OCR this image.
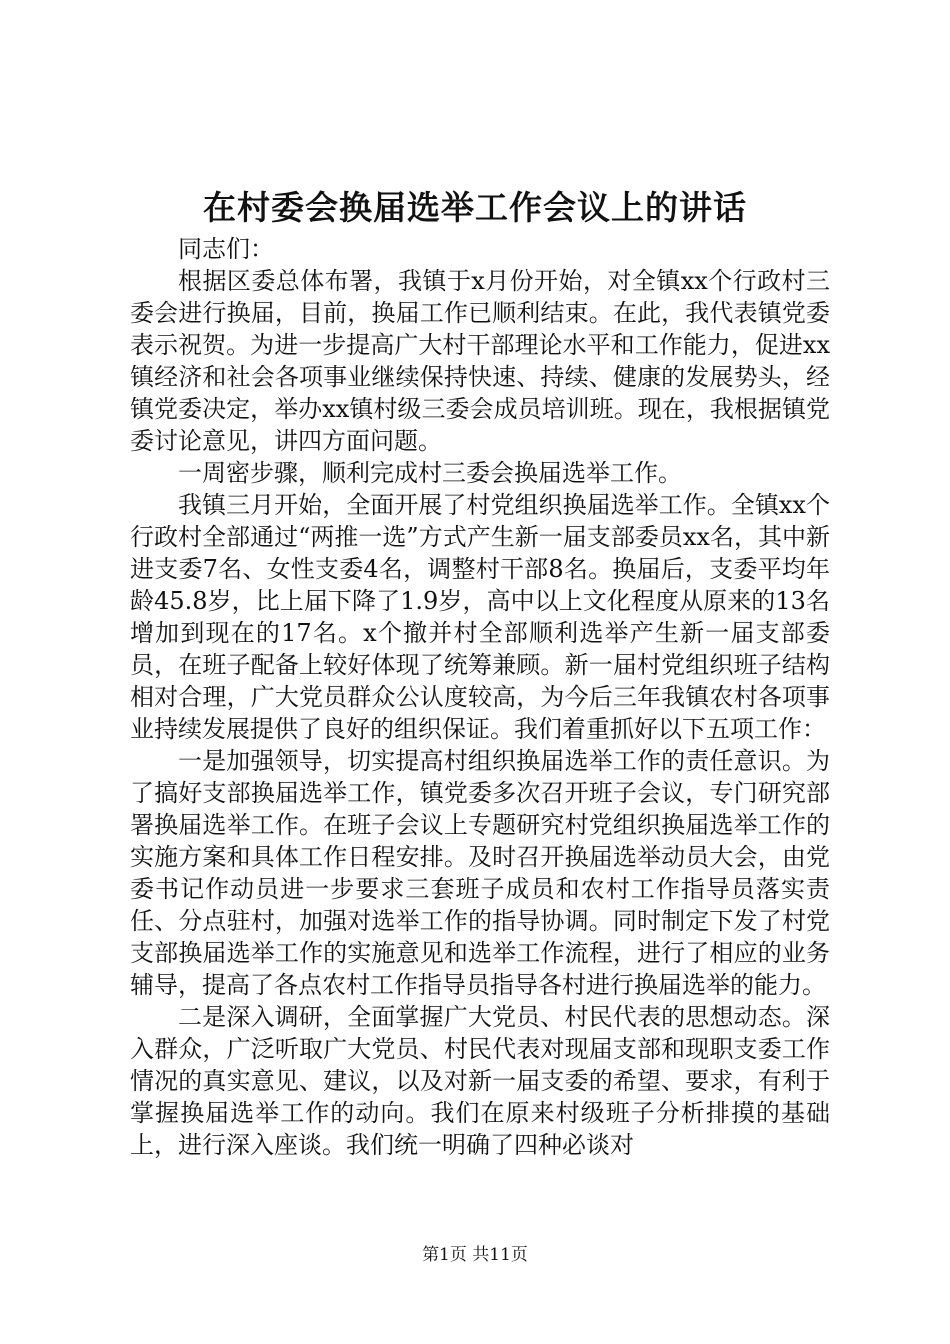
在村委会换届选举工作会议上的讲话

同志们：

根据区委总体布署，我镇于x月份开始，对全镇xx个行政村三委会进行换届，目前，换届工作已顺利结束。在此，我代表镇党委表示祝贺。为进一步提高广大村干部理论水平和工作能力，促进xx镇经济和社会各项事业继续保持快速、持续、健康的发展势头，经镇党委决定，举办xx镇村级三委会成员培训班。现在，我根据镇党委讨论意见，讲四方面问题。

一周密步骤，顺利完成村三委会换届选举工作。

我镇三月开始，全面开展了村党组织换届选举工作。全镇xx个行政村全部通过“两推一选”方式产生新一届支部委员xx名，其中新进支委7名、女性支委4名，调整村干部8名。换届后，支委平均年龄45.8岁，比上届下降了1.9岁，高中以上文化程度从原来的13名增加到现在的17名。x个撤并村全部顺利选举产生新一届支部委员，在班子配备上较好体现了统筹兼顾。新一届村党组织班子结构相对合理，广大党员群众公认度较高，为今后三年我镇农村各项事业持续发展提供了良好的组织保证。我们着重抓好以下五项工作：

一是加强领导，切实提高村组织换届选举工作的责任意识。为了搞好支部换届选举工作，镇党委多次召开班子会议，专门研究部署换届选举工作。在班子会议上专题研究村党组织换届选举工作的实施方案和具体工作日程安排。及时召开换届选举动员大会，由党委书记作动员进一步要求三套班子成员和农村工作指导员落实责任、分点驻村，加强对选举工作的指导协调。同时制定下发了村党支部换届选举工作的实施意见和选举工作流程，进行了相应的业务辅导，提高了各点农村工作指导员指导各村进行换届选举的能力。

二是深入调研，全面掌握广大党员、村民代表的思想动态。深入群众，广泛听取广大党员、村民代表对现届支部和现职支委工作情况的真实意见、建议，以及对新一届支委的希望、要求，有利于掌握换届选举工作的动向。我们在原来村级班子分析排摸的基础上，进行深入座谈。我们统一明确了四种必谈对

第1页 共11页
